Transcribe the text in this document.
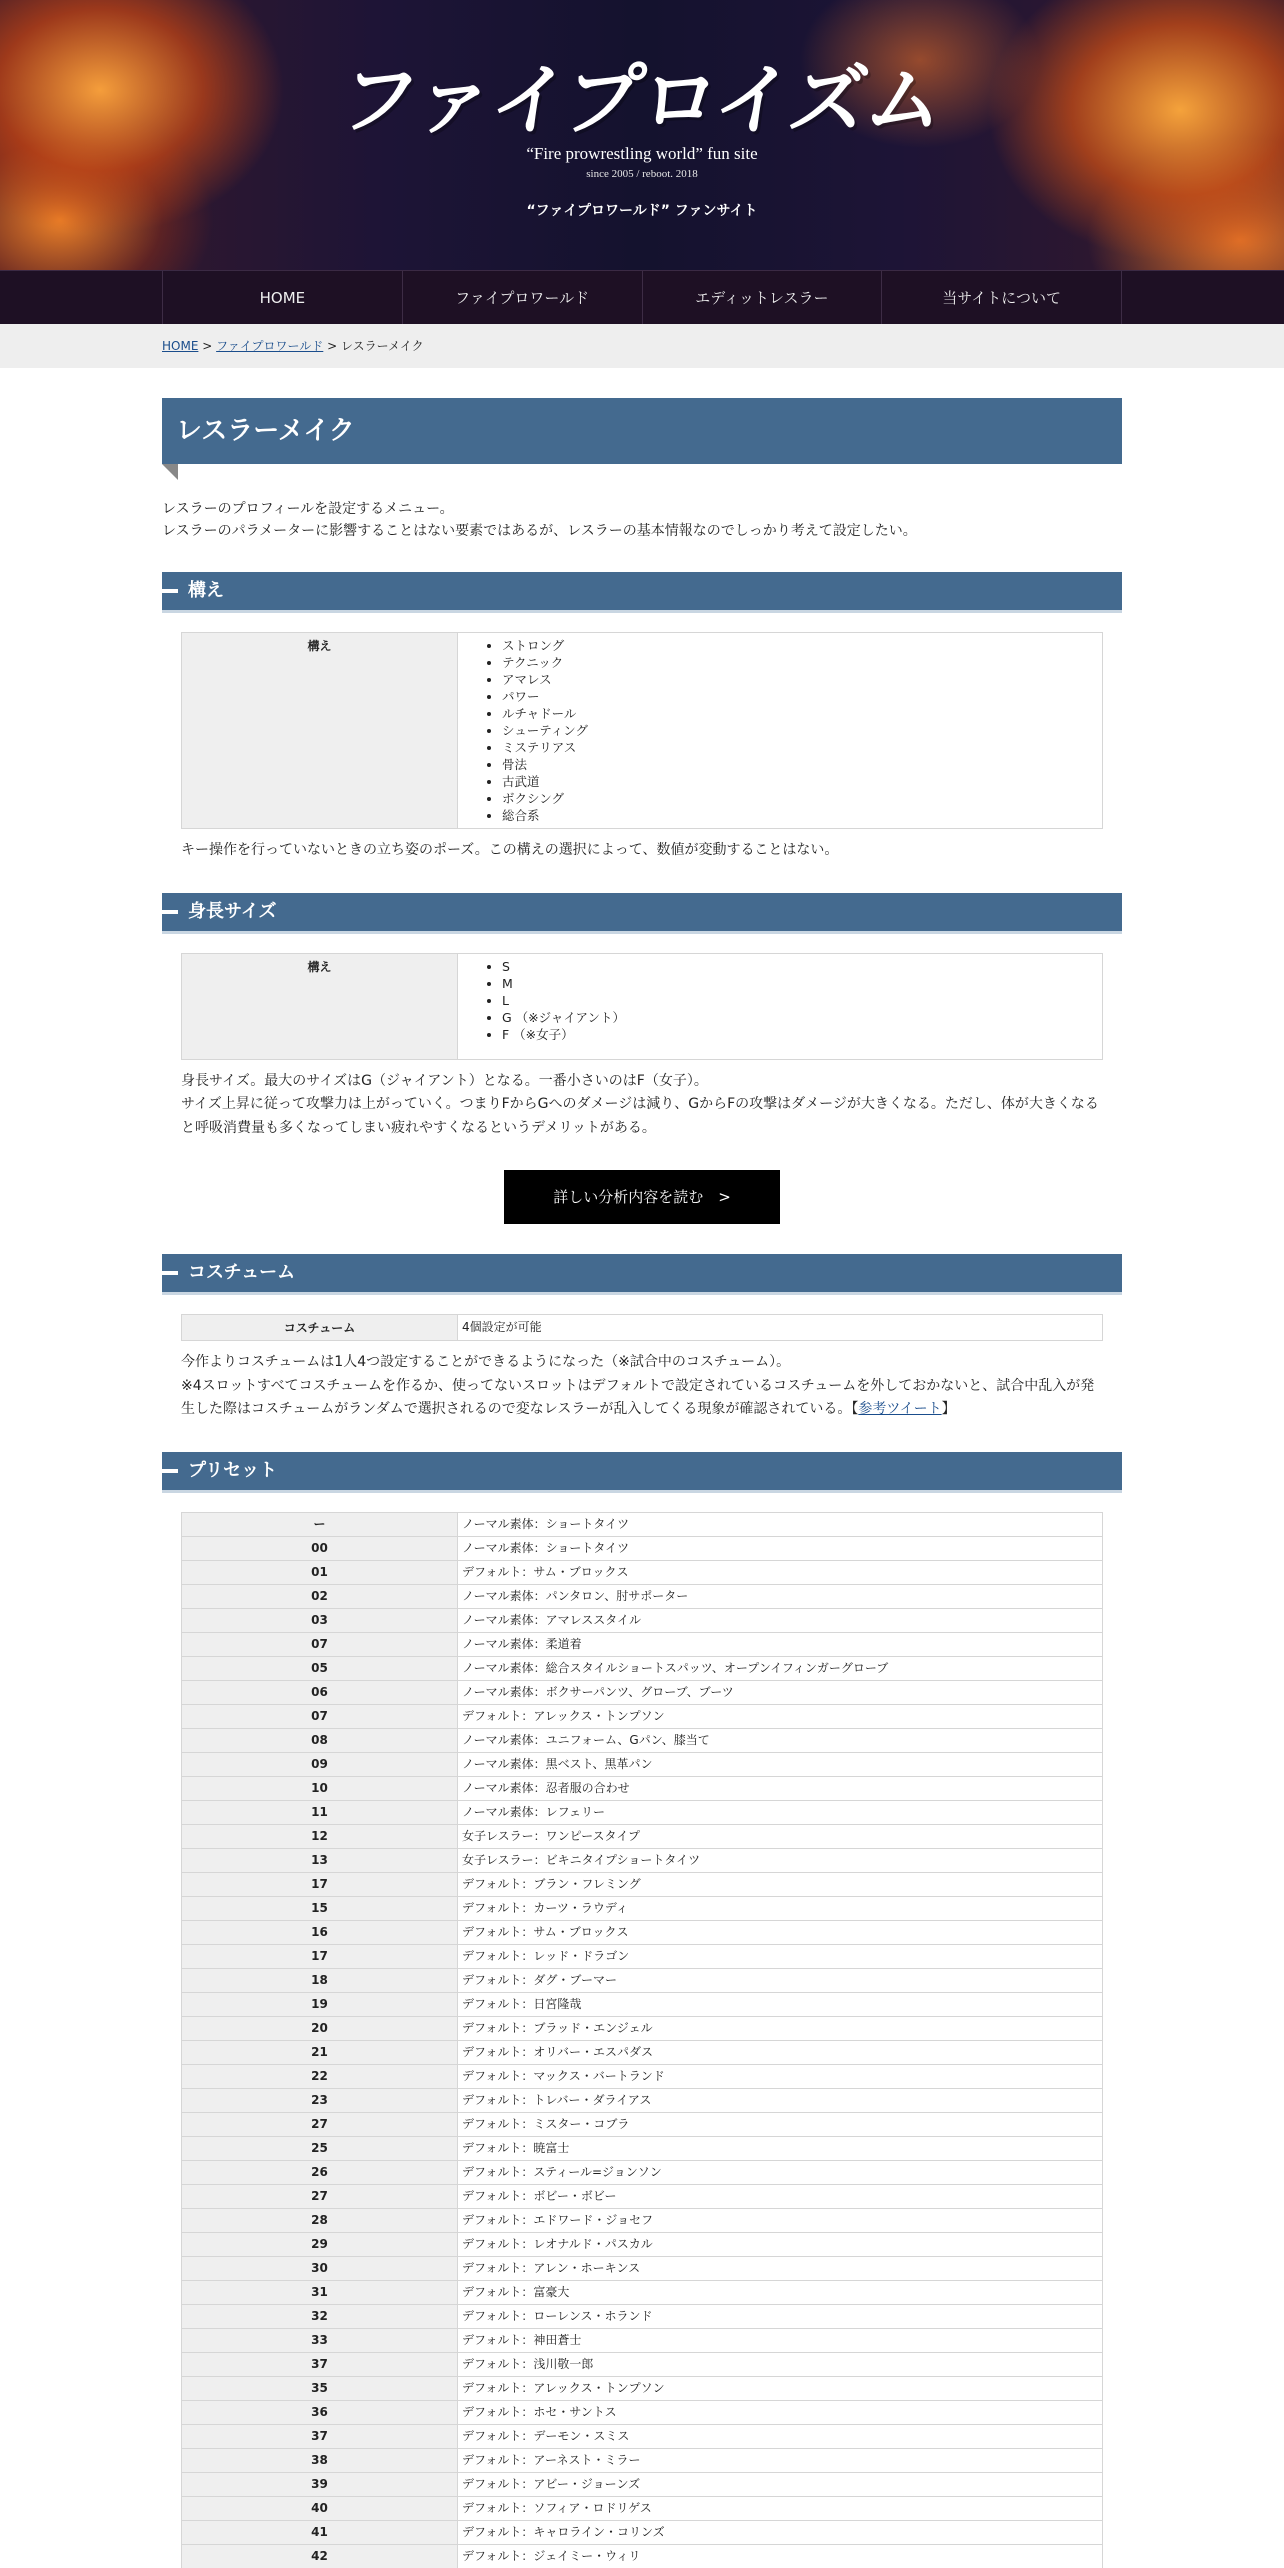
ファイプロイズム
“Fire prowrestling world” fun site
since 2005 / reboot. 2018
“ファイプロワールド” ファンサイト
HOME	ファイプロワールド	エディットレスラー	当サイトについて
HOME > ファイプロワールド > レスラーメイク
レスラーメイク

レスラーのプロフィールを設定するメニュー。

レスラーのパラメーターに影響することはない要素ではあるが、レスラーの基本情報なのでしっかり考えて設定したい。

構え
構え	
•ストロング
• テクニック
• アマレス
• パワー
• ルチャドール
• シューティング
• ミステリアス
• 骨法
• 古武道
• ボクシング
• 総合系

キー操作を行っていないときの立ち姿のポーズ。この構えの選択によって、数値が変動することはない。

身長サイズ
構え	
•S
• M
• L
• G （※ジャイアント）
• F （※女子）

身長サイズ。最大のサイズはG（ジャイアント）となる。一番小さいのはF（女子）。

サイズ上昇に従って攻撃力は上がっていく。つまりFからGへのダメージは減り、GからFの攻撃はダメージが大きくなる。ただし、体が大きくなると呼吸消費量も多くなってしまい疲れやすくなるというデメリットがある。

詳しい分析内容を読む　>
コスチューム
コスチューム	4個設定が可能

今作よりコスチュームは1人4つ設定することができるようになった（※試合中のコスチューム）。

※4スロットすべてコスチュームを作るか、使ってないスロットはデフォルトで設定されているコスチュームを外しておかないと、試合中乱入が発生した際はコスチュームがランダムで選択されるので変なレスラーが乱入してくる現象が確認されている。【参考ツイート】

プリセット
ー	ノーマル素体：ショートタイツ
00	ノーマル素体：ショートタイツ
01	デフォルト：サム・ブロックス
02	ノーマル素体：パンタロン、肘サポーター
03	ノーマル素体：アマレススタイル
07	ノーマル素体：柔道着
05	ノーマル素体：総合スタイルショートスパッツ、オープンイフィンガーグローブ
06	ノーマル素体：ボクサーパンツ、グローブ、ブーツ
07	デフォルト：アレックス・トンプソン
08	ノーマル素体：ユニフォーム、Gパン、膝当て
09	ノーマル素体：黒ベスト、黒革パン
10	ノーマル素体：忍者服の合わせ
11	ノーマル素体：レフェリー
12	女子レスラー：ワンピースタイプ
13	女子レスラー：ビキニタイプショートタイツ
17	デフォルト：ブラン・フレミング
15	デフォルト：カーツ・ラウディ
16	デフォルト：サム・ブロックス
17	デフォルト：レッド・ドラゴン
18	デフォルト：ダグ・ブーマー
19	デフォルト：日宮隆哉
20	デフォルト：ブラッド・エンジェル
21	デフォルト：オリバー・エスパダス
22	デフォルト：マックス・バートランド
23	デフォルト：トレバー・ダライアス
27	デフォルト：ミスター・コブラ
25	デフォルト：暁富士
26	デフォルト：スティール=ジョンソン
27	デフォルト：ボビー・ボビー
28	デフォルト：エドワード・ジョセフ
29	デフォルト：レオナルド・パスカル
30	デフォルト：アレン・ホーキンス
31	デフォルト：富豪大
32	デフォルト：ローレンス・ホランド
33	デフォルト：神田蒼士
37	デフォルト：浅川敬一郎
35	デフォルト：アレックス・トンプソン
36	デフォルト：ホセ・サントス
37	デフォルト：デーモン・スミス
38	デフォルト：アーネスト・ミラー
39	デフォルト：アビー・ジョーンズ
40	デフォルト：ソフィア・ロドリゲス
41	デフォルト：キャロライン・コリンズ
42	デフォルト：ジェイミー・ウィリ
